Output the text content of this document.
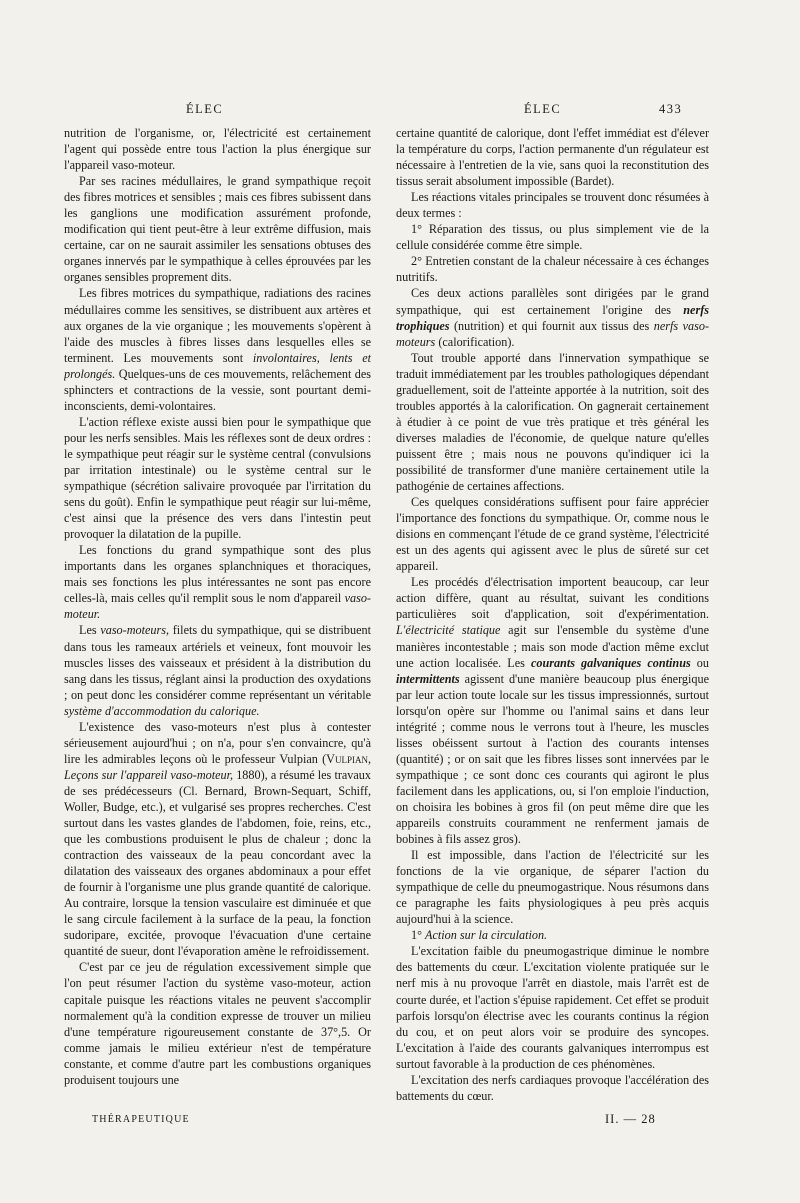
ÉLEC	ÉLEC	433

nutrition de l'organisme, or, l'électricité est certainement l'agent qui possède entre tous l'action la plus énergique sur l'appareil vaso-moteur.

Par ses racines médullaires, le grand sympathique reçoit des fibres motrices et sensibles ; mais ces fibres subissent dans les ganglions une modification assurément profonde, modification qui tient peut-être à leur extrême diffusion, mais certaine, car on ne saurait assimiler les sensations obtuses des organes innervés par le sympathique à celles éprouvées par les organes sensibles proprement dits.

Les fibres motrices du sympathique, radiations des racines médullaires comme les sensitives, se distribuent aux artères et aux organes de la vie organique ; les mouvements s'opèrent à l'aide des muscles à fibres lisses dans lesquelles elles se terminent. Les mouvements sont involontaires, lents et prolongés. Quelques-uns de ces mouvements, relâchement des sphincters et contractions de la vessie, sont pourtant demi-inconscients, demi-volontaires.

L'action réflexe existe aussi bien pour le sympathique que pour les nerfs sensibles. Mais les réflexes sont de deux ordres : le sympathique peut réagir sur le système central (convulsions par irritation intestinale) ou le système central sur le sympathique (sécrétion salivaire provoquée par l'irritation du sens du goût). Enfin le sympathique peut réagir sur lui-même, c'est ainsi que la présence des vers dans l'intestin peut provoquer la dilatation de la pupille.

Les fonctions du grand sympathique sont des plus importants dans les organes splanchniques et thoraciques, mais ses fonctions les plus intéressantes ne sont pas encore celles-là, mais celles qu'il remplit sous le nom d'appareil vaso-moteur.

Les vaso-moteurs, filets du sympathique, qui se distribuent dans tous les rameaux artériels et veineux, font mouvoir les muscles lisses des vaisseaux et président à la distribution du sang dans les tissus, réglant ainsi la production des oxydations ; on peut donc les considérer comme représentant un véritable système d'accommodation du calorique.

L'existence des vaso-moteurs n'est plus à contester sérieusement aujourd'hui ; on n'a, pour s'en convaincre, qu'à lire les admirables leçons où le professeur Vulpian (Vulpian, Leçons sur l'appareil vaso-moteur, 1880), a résumé les travaux de ses prédécesseurs (Cl. Bernard, Brown-Sequart, Schiff, Woller, Budge, etc.), et vulgarisé ses propres recherches. C'est surtout dans les vastes glandes de l'abdomen, foie, reins, etc., que les combustions produisent le plus de chaleur ; donc la contraction des vaisseaux de la peau concordant avec la dilatation des vaisseaux des organes abdominaux a pour effet de fournir à l'organisme une plus grande quantité de calorique. Au contraire, lorsque la tension vasculaire est diminuée et que le sang circule facilement à la surface de la peau, la fonction sudoripare, excitée, provoque l'évacuation d'une certaine quantité de sueur, dont l'évaporation amène le refroidissement.

C'est par ce jeu de régulation excessivement simple que l'on peut résumer l'action du système vaso-moteur, action capitale puisque les réactions vitales ne peuvent s'accomplir normalement qu'à la condition expresse de trouver un milieu d'une température rigoureusement constante de 37°,5. Or comme jamais le milieu extérieur n'est de température constante, et comme d'autre part les combustions organiques produisent toujours une

certaine quantité de calorique, dont l'effet immédiat est d'élever la température du corps, l'action permanente d'un régulateur est nécessaire à l'entretien de la vie, sans quoi la reconstitution des tissus serait absolument impossible (Bardet).

Les réactions vitales principales se trouvent donc résumées à deux termes :

1° Réparation des tissus, ou plus simplement vie de la cellule considérée comme être simple.

2° Entretien constant de la chaleur nécessaire à ces échanges nutritifs.

Ces deux actions parallèles sont dirigées par le grand sympathique, qui est certainement l'origine des nerfs trophiques (nutrition) et qui fournit aux tissus des nerfs vaso-moteurs (calorification).

Tout trouble apporté dans l'innervation sympathique se traduit immédiatement par les troubles pathologiques dépendant graduellement, soit de l'atteinte apportée à la nutrition, soit des troubles apportés à la calorification. On gagnerait certainement à étudier à ce point de vue très pratique et très général les diverses maladies de l'économie, de quelque nature qu'elles puissent être ; mais nous ne pouvons qu'indiquer ici la possibilité de transformer d'une manière certainement utile la pathogénie de certaines affections.

Ces quelques considérations suffisent pour faire apprécier l'importance des fonctions du sympathique. Or, comme nous le disions en commençant l'étude de ce grand système, l'électricité est un des agents qui agissent avec le plus de sûreté sur cet appareil.

Les procédés d'électrisation importent beaucoup, car leur action diffère, quant au résultat, suivant les conditions particulières soit d'application, soit d'expérimentation. L'électricité statique agit sur l'ensemble du système d'une manières incontestable ; mais son mode d'action même exclut une action localisée. Les courants galvaniques continus ou intermittents agissent d'une manière beaucoup plus énergique par leur action toute locale sur les tissus impressionnés, surtout lorsqu'on opère sur l'homme ou l'animal sains et dans leur intégrité ; comme nous le verrons tout à l'heure, les muscles lisses obéissent surtout à l'action des courants intenses (quantité) ; or on sait que les fibres lisses sont innervées par le sympathique ; ce sont donc ces courants qui agiront le plus facilement dans les applications, ou, si l'on emploie l'induction, on choisira les bobines à gros fil (on peut même dire que les appareils construits couramment ne renferment jamais de bobines à fils assez gros).

Il est impossible, dans l'action de l'électricité sur les fonctions de la vie organique, de séparer l'action du sympathique de celle du pneumogastrique. Nous résumons dans ce paragraphe les faits physiologiques à peu près acquis aujourd'hui à la science.

1° Action sur la circulation.

L'excitation faible du pneumogastrique diminue le nombre des battements du cœur. L'excitation violente pratiquée sur le nerf mis à nu provoque l'arrêt en diastole, mais l'arrêt est de courte durée, et l'action s'épuise rapidement. Cet effet se produit parfois lorsqu'on électrise avec les courants continus la région du cou, et on peut alors voir se produire des syncopes. L'excitation à l'aide des courants galvaniques interrompus est surtout favorable à la production de ces phénomènes.

L'excitation des nerfs cardiaques provoque l'accélération des battements du cœur.

THÉRAPEUTIQUE	II. — 28
